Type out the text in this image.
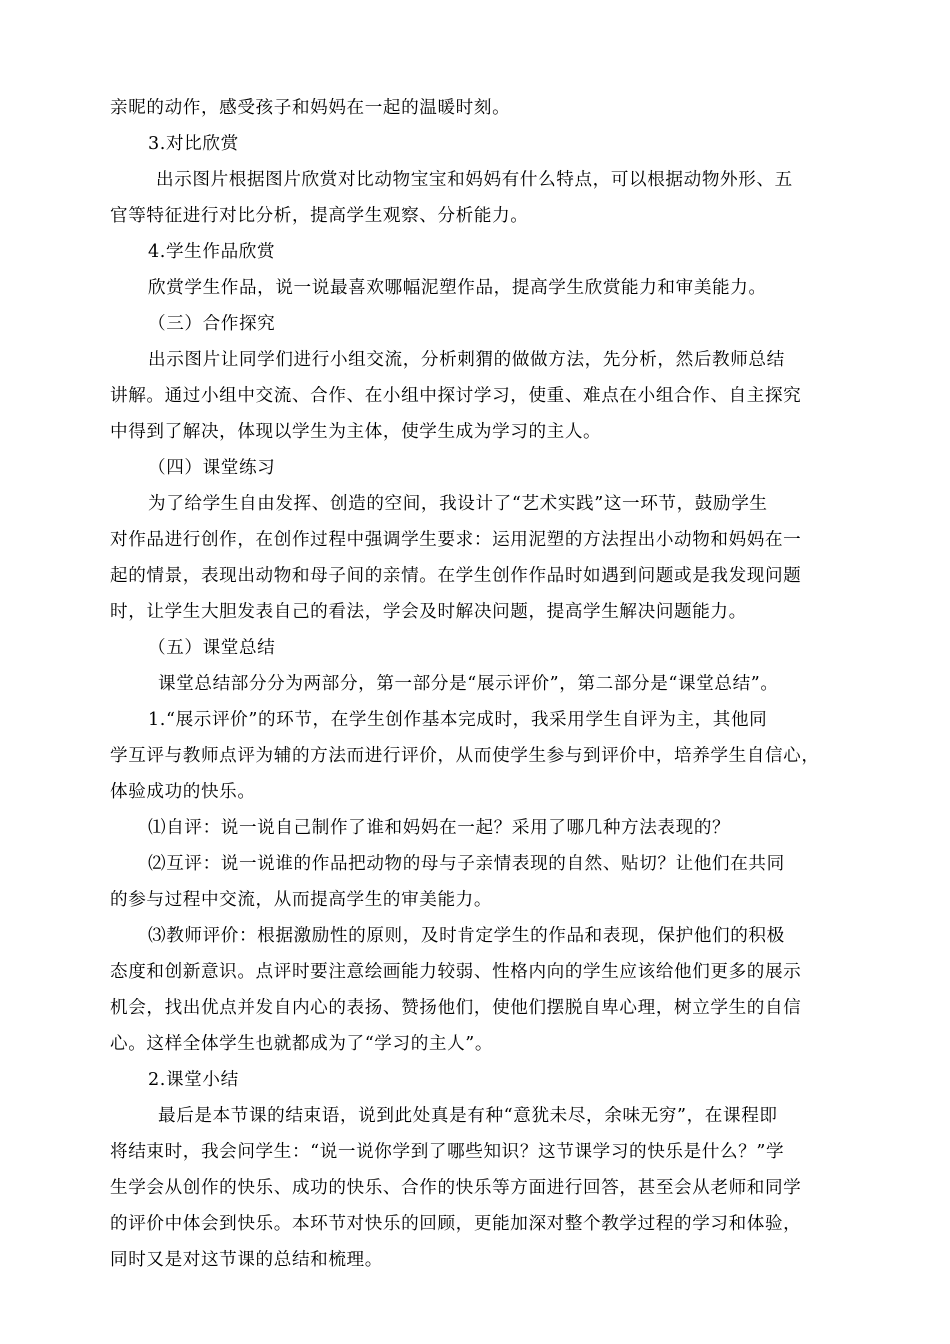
亲昵的动作，感受孩子和妈妈在一起的温暖时刻。
3.对比欣赏
出示图片根据图片欣赏对比动物宝宝和妈妈有什么特点，可以根据动物外形、五
官等特征进行对比分析，提高学生观察、分析能力。
4.学生作品欣赏
欣赏学生作品，说一说最喜欢哪幅泥塑作品，提高学生欣赏能力和审美能力。
（三）合作探究
出示图片让同学们进行小组交流，分析刺猬的做做方法，先分析，然后教师总结
讲解。通过小组中交流、合作、在小组中探讨学习，使重、难点在小组合作、自主探究
中得到了解决，体现以学生为主体，使学生成为学习的主人。
（四）课堂练习
为了给学生自由发挥、创造的空间，我设计了“艺术实践”这一环节，鼓励学生
对作品进行创作，在创作过程中强调学生要求：运用泥塑的方法捏出小动物和妈妈在一
起的情景，表现出动物和母子间的亲情。在学生创作作品时如遇到问题或是我发现问题
时，让学生大胆发表自己的看法，学会及时解决问题，提高学生解决问题能力。
（五）课堂总结
课堂总结部分分为两部分，第一部分是“展示评价”，第二部分是“课堂总结”。
1.“展示评价”的环节，在学生创作基本完成时，我采用学生自评为主，其他同
学互评与教师点评为辅的方法而进行评价，从而使学生参与到评价中，培养学生自信心，
体验成功的快乐。
⑴自评：说一说自己制作了谁和妈妈在一起？采用了哪几种方法表现的？
⑵互评：说一说谁的作品把动物的母与子亲情表现的自然、贴切？让他们在共同
的参与过程中交流，从而提高学生的审美能力。
⑶教师评价：根据激励性的原则，及时肯定学生的作品和表现，保护他们的积极
态度和创新意识。点评时要注意绘画能力较弱、性格内向的学生应该给他们更多的展示
机会，找出优点并发自内心的表扬、赞扬他们，使他们摆脱自卑心理，树立学生的自信
心。这样全体学生也就都成为了“学习的主人”。
2.课堂小结
最后是本节课的结束语，说到此处真是有种“意犹未尽，余味无穷”，在课程即
将结束时，我会问学生：“说一说你学到了哪些知识？这节课学习的快乐是什么？”学
生学会从创作的快乐、成功的快乐、合作的快乐等方面进行回答，甚至会从老师和同学
的评价中体会到快乐。本环节对快乐的回顾，更能加深对整个教学过程的学习和体验，
同时又是对这节课的总结和梳理。
